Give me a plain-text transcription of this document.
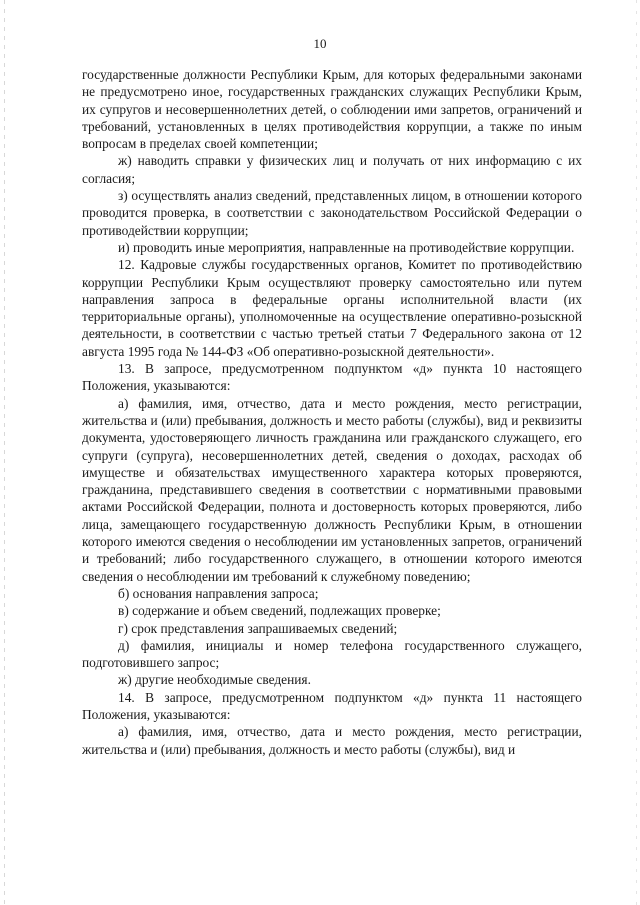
10

государственные должности Республики Крым, для которых федеральными законами не предусмотрено иное, государственных гражданских служащих Республики Крым, их супругов и несовершеннолетних детей, о соблюдении ими запретов, ограничений и требований, установленных в целях противодействия коррупции, а также по иным вопросам в пределах своей компетенции;

ж) наводить справки у физических лиц и получать от них информацию с их согласия;

з) осуществлять анализ сведений, представленных лицом, в отношении которого проводится проверка, в соответствии с законодательством Российской Федерации о противодействии коррупции;

и) проводить иные мероприятия, направленные на противодействие коррупции.

12. Кадровые службы государственных органов, Комитет по противодействию коррупции Республики Крым осуществляют проверку самостоятельно или путем направления запроса в федеральные органы исполнительной власти (их территориальные органы), уполномоченные на осуществление оперативно-розыскной деятельности, в соответствии с частью третьей статьи 7 Федерального закона от 12 августа 1995 года № 144-ФЗ «Об оперативно-розыскной деятельности».

13. В запросе, предусмотренном подпунктом «д» пункта 10 настоящего Положения, указываются:

а) фамилия, имя, отчество, дата и место рождения, место регистрации, жительства и (или) пребывания, должность и место работы (службы), вид и реквизиты документа, удостоверяющего личность гражданина или гражданского служащего, его супруги (супруга), несовершеннолетних детей, сведения о доходах, расходах об имуществе и обязательствах имущественного характера которых проверяются, гражданина, представившего сведения в соответствии с нормативными правовыми актами Российской Федерации, полнота и достоверность которых проверяются, либо лица, замещающего государственную должность Республики Крым, в отношении которого имеются сведения о несоблюдении им установленных запретов, ограничений и требований; либо государственного служащего, в отношении которого имеются сведения о несоблюдении им требований к служебному поведению;

б) основания направления запроса;

в) содержание и объем сведений, подлежащих проверке;

г) срок представления запрашиваемых сведений;

д) фамилия, инициалы и номер телефона государственного служащего, подготовившего запрос;

ж) другие необходимые сведения.

14. В запросе, предусмотренном подпунктом «д» пункта 11 настоящего Положения, указываются:

а) фамилия, имя, отчество, дата и место рождения, место регистрации, жительства и (или) пребывания, должность и место работы (службы), вид и
